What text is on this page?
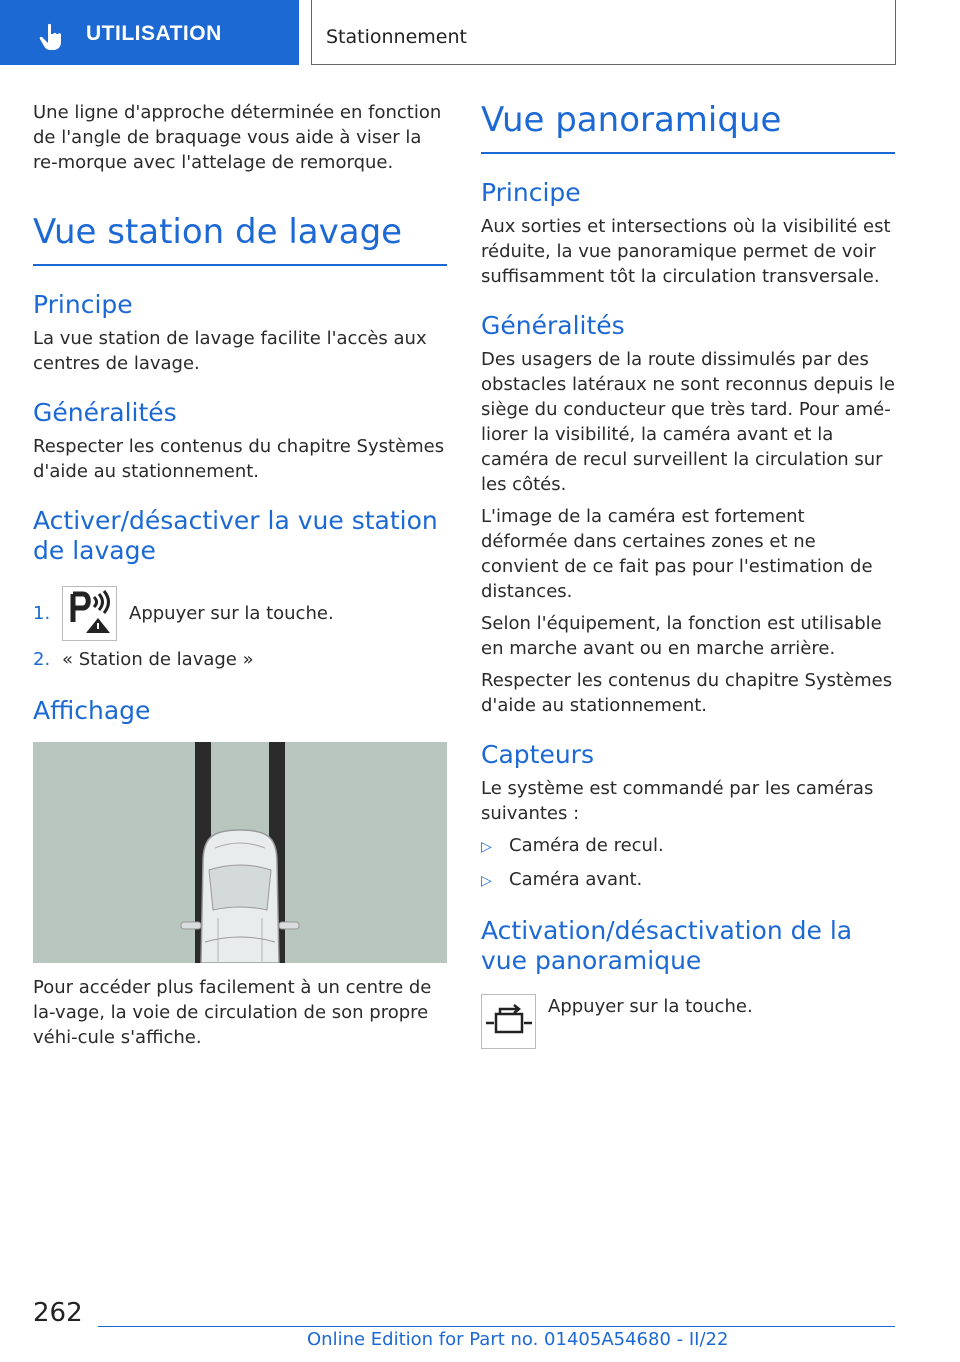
UTILISATION	Stationnement

Une ligne d'approche déterminée en fonction de l'angle de braquage vous aide à viser la re-morque avec l'attelage de remorque.

Vue station de lavage
Principe

La vue station de lavage facilite l'accès aux centres de lavage.

Généralités

Respecter les contenus du chapitre Systèmes d'aide au stationnement.

Activer/désactiver la vue station de lavage
1.	Appuyer sur la touche.
2. « Station de lavage »
Affichage

Pour accéder plus facilement à un centre de la-vage, la voie de circulation de son propre véhi-cule s'affiche.

Vue panoramique
Principe

Aux sorties et intersections où la visibilité est réduite, la vue panoramique permet de voir suffisamment tôt la circulation transversale.

Généralités

Des usagers de la route dissimulés par des obstacles latéraux ne sont reconnus depuis le siège du conducteur que très tard. Pour amé-liorer la visibilité, la caméra avant et la caméra de recul surveillent la circulation sur les côtés.

L'image de la caméra est fortement déformée dans certaines zones et ne convient de ce fait pas pour l'estimation de distances.

Selon l'équipement, la fonction est utilisable en marche avant ou en marche arrière.

Respecter les contenus du chapitre Systèmes d'aide au stationnement.

Capteurs

Le système est commandé par les caméras suivantes :

▷ Caméra de recul.
▷ Caméra avant.
Activation/désactivation de la vue panoramique

Appuyer sur la touche.

262
Online Edition for Part no. 01405A54680 - II/22
